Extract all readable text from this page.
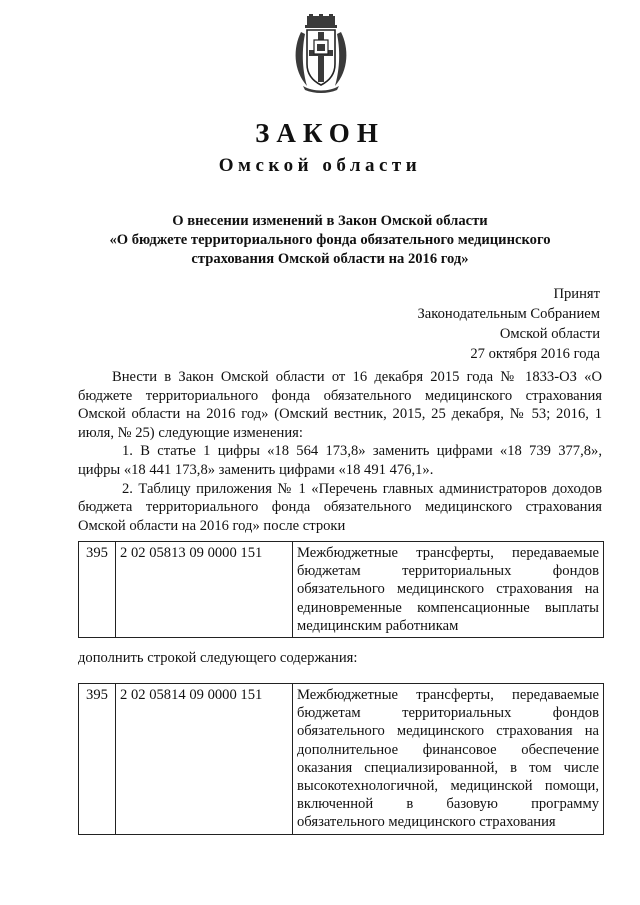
ЗАКОН
Омской области
О внесении изменений в Закон Омской области
«О бюджете территориального фонда обязательного медицинского
страхования Омской области на 2016 год»
Принят
Законодательным Собранием
Омской области
27 октября 2016 года

Внести в Закон Омской области от 16 декабря 2015 года № 1833-ОЗ «О бюджете территориального фонда обязательного медицинского страхования Омской области на 2016 год» (Омский вестник, 2015, 25 декабря, № 53; 2016, 1 июля, № 25) следующие изменения:

1. В статье 1 цифры «18 564 173,8» заменить цифрами «18 739 377,8», цифры «18 441 173,8» заменить цифрами «18 491 476,1».

2. Таблицу приложения № 1 «Перечень главных администраторов доходов бюджета территориального фонда обязательного медицинского страхования Омской области на 2016 год» после строки

395	2 02 05813 09 0000 151	Межбюджетные трансферты, передаваемые бюджетам территориальных фондов обязательного медицинского страхования на единовременные компенсационные выплаты медицинским работникам
дополнить строкой следующего содержания:
395	2 02 05814 09 0000 151	Межбюджетные трансферты, передаваемые бюджетам территориальных фондов обязательного медицинского страхования на дополнительное финансовое обеспечение оказания специализированной, в том числе высокотехнологичной, медицинской помощи, включенной в базовую программу обязательного медицинского страхования
